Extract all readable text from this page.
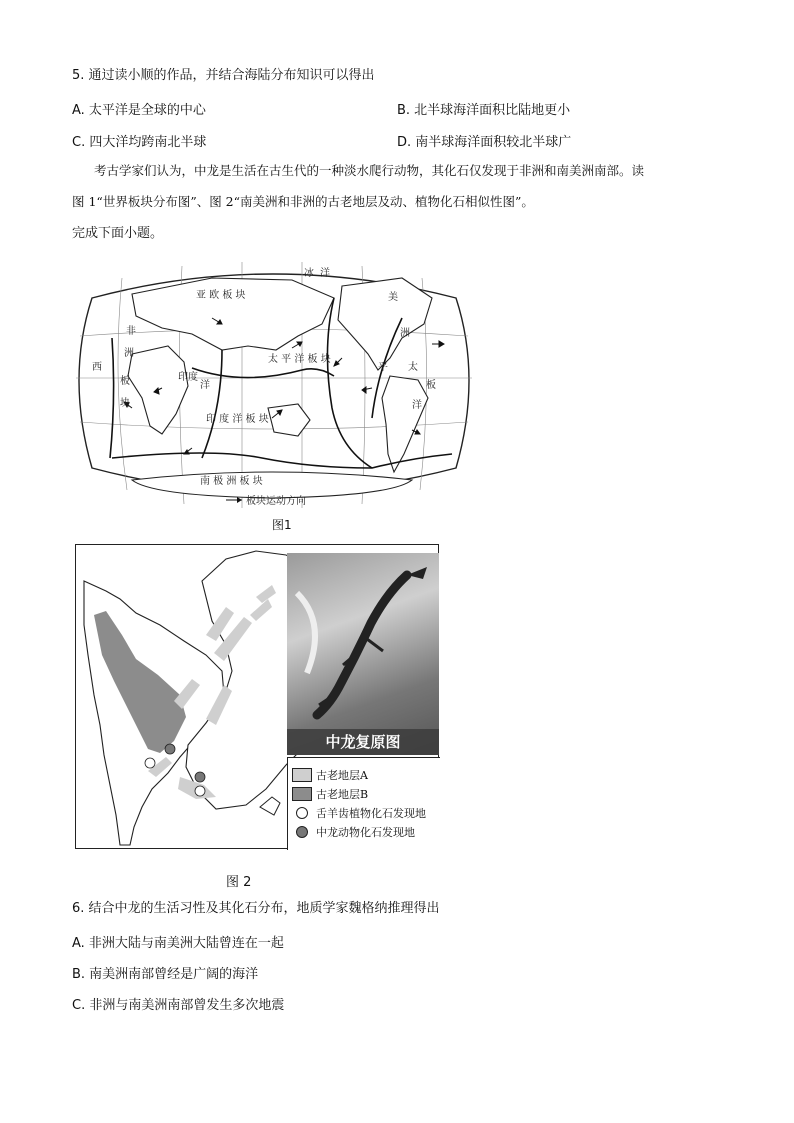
5. 通过读小顺的作品，并结合海陆分布知识可以得出
A. 太平洋是全球的中心	B. 北半球海洋面积比陆地更小
C. 四大洋均跨南北半球	D. 南半球海洋面积较北半球广
考古学家们认为，中龙是生活在古生代的一种淡水爬行动物，其化石仅发现于非洲和南美洲南部。读
图 1“世界板块分布图”、图 2“南美洲和非洲的古老地层及动、植物化石相似性图”。
完成下面小题。
亚 欧 板 块
冰 洋
美
洲
非
洲
板
块
太 平 洋 板 块
印 度 洋 板 块
南 极 洲 板 块
板
太
洋
西
印度
洋
平
板块运动方向
图1
中龙复原图
古老地层A
古老地层B
舌羊齿植物化石发现地
中龙动物化石发现地
图 2
6. 结合中龙的生活习性及其化石分布，地质学家魏格纳推理得出
A. 非洲大陆与南美洲大陆曾连在一起
B. 南美洲南部曾经是广阔的海洋
C. 非洲与南美洲南部曾发生多次地震
